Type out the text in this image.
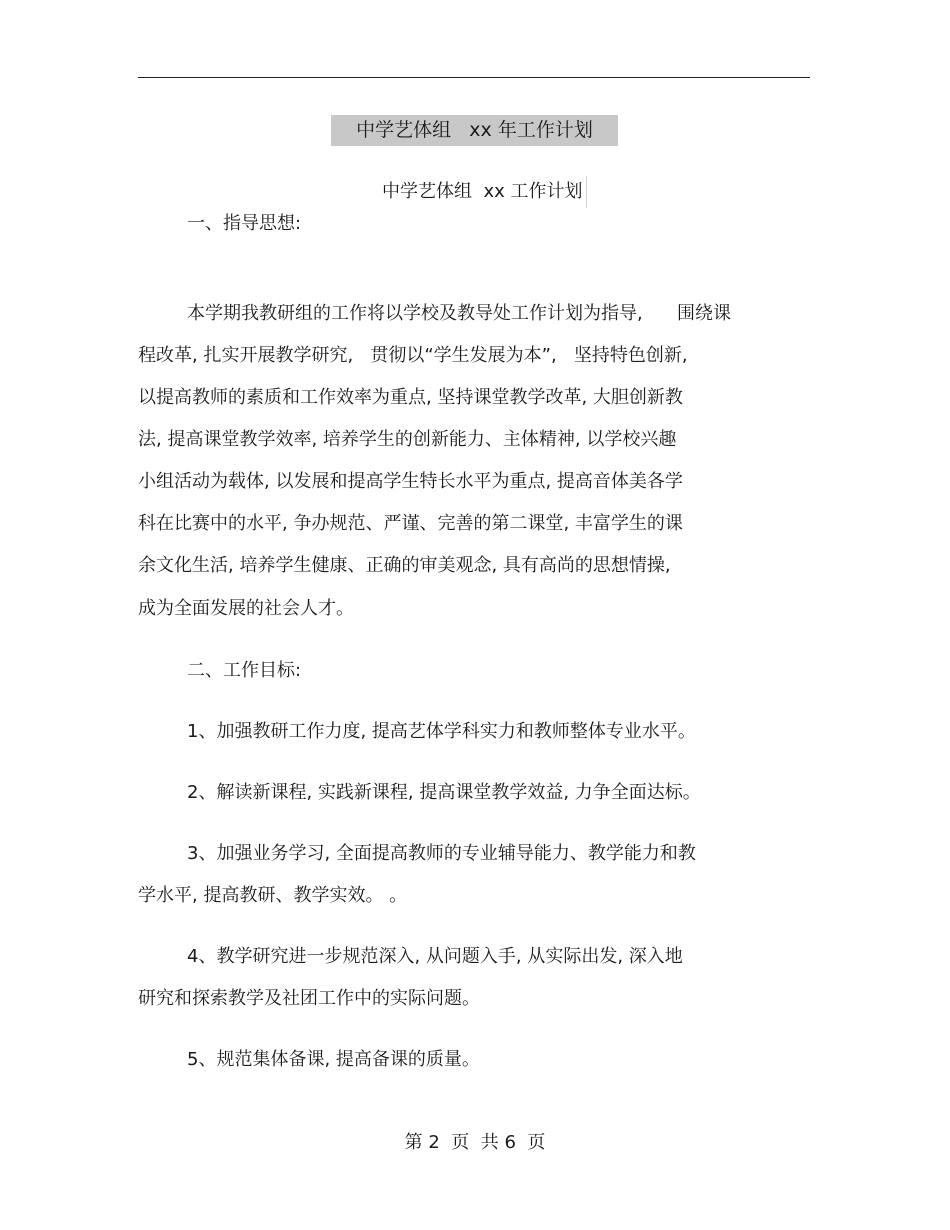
中学艺体组   xx 年工作计划
中学艺体组  xx 工作计划
一、指导思想:
本学期我教研组的工作将以学校及教导处工作计划为指导,      围绕课
程改革, 扎实开展教学研究,   贯彻以“学生发展为本”,   坚持特色创新,
以提高教师的素质和工作效率为重点, 坚持课堂教学改革, 大胆创新教
法, 提高课堂教学效率, 培养学生的创新能力、主体精神, 以学校兴趣
小组活动为载体, 以发展和提高学生特长水平为重点, 提高音体美各学
科在比赛中的水平, 争办规范、严谨、完善的第二课堂, 丰富学生的课
余文化生活, 培养学生健康、正确的审美观念, 具有高尚的思想情操,
成为全面发展的社会人才。
二、工作目标:
1、加强教研工作力度, 提高艺体学科实力和教师整体专业水平。
2、解读新课程, 实践新课程, 提高课堂教学效益, 力争全面达标。
3、加强业务学习, 全面提高教师的专业辅导能力、教学能力和教
学水平, 提高教研、教学实效。 。
4、教学研究进一步规范深入, 从问题入手, 从实际出发, 深入地
研究和探索教学及社团工作中的实际问题。
5、规范集体备课, 提高备课的质量。
第 2  页  共 6  页
